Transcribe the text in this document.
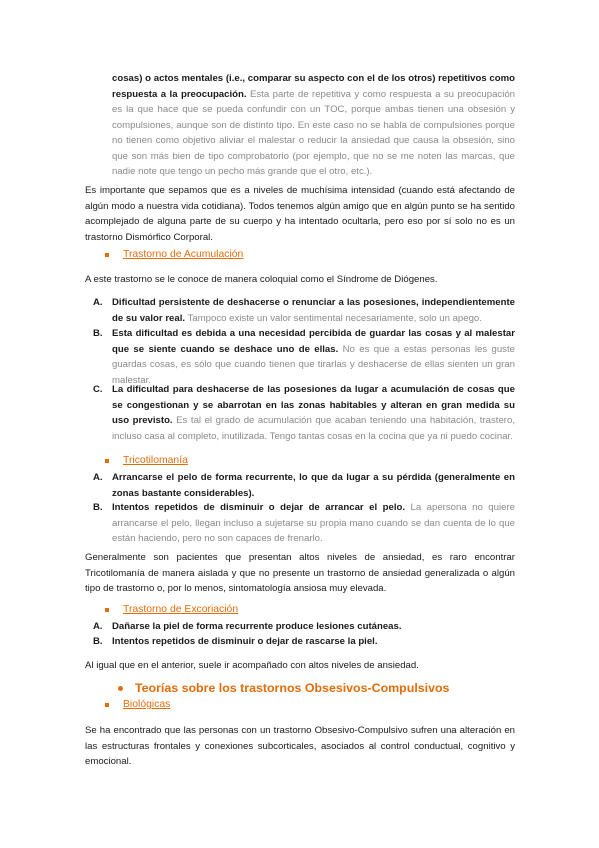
cosas) o actos mentales (i.e., comparar su aspecto con el de los otros) repetitivos como respuesta a la preocupación. Esta parte de repetitiva y como respuesta a su preocupación es la que hace que se pueda confundir con un TOC, porque ambas tienen una obsesión y compulsiones, aunque son de distinto tipo. En este caso no se habla de compulsiones porque no tienen como objetivo aliviar el malestar o reducir la ansiedad que causa la obsesión, sino que son más bien de tipo comprobatorio (por ejemplo, que no se me noten las marcas, que nadie note que tengo un pecho más grande que el otro, etc.).

Es importante que sepamos que es a niveles de muchísima intensidad (cuando está afectando de algún modo a nuestra vida cotidiana). Todos tenemos algún amigo que en algún punto se ha sentido acomplejado de alguna parte de su cuerpo y ha intentado ocultarla, pero eso por sí solo no es un trastorno Dismórfico Corporal.

Trastorno de Acumulación

A este trastorno se le conoce de manera coloquial como el Síndrome de Diógenes.

A. Dificultad persistente de deshacerse o renunciar a las posesiones, independientemente de su valor real. Tampoco existe un valor sentimental necesariamente, solo un apego.
B. Esta dificultad es debida a una necesidad percibida de guardar las cosas y al malestar que se siente cuando se deshace uno de ellas. No es que a estas personas les guste guardas cosas, es sólo que cuando tienen que tirarlas y deshacerse de ellas sienten un gran malestar.
C. La dificultad para deshacerse de las posesiones da lugar a acumulación de cosas que se congestionan y se abarrotan en las zonas habitables y alteran en gran medida su uso previsto. Es tal el grado de acumulación que acaban teniendo una habitación, trastero, incluso casa al completo, inutilizada. Tengo tantas cosas en la cocina que ya ni puedo cocinar.
Tricotilomanía
A. Arrancarse el pelo de forma recurrente, lo que da lugar a su pérdida (generalmente en zonas bastante considerables).
B. Intentos repetidos de disminuir o dejar de arrancar el pelo. La apersona no quiere arrancarse el pelo, llegan incluso a sujetarse su propia mano cuando se dan cuenta de lo que están haciendo, pero no son capaces de frenarlo.

Generalmente son pacientes que presentan altos niveles de ansiedad, es raro encontrar Tricotilomanía de manera aislada y que no presente un trastorno de ansiedad generalizada o algún tipo de trastorno o, por lo menos, sintomatología ansiosa muy elevada.

Trastorno de Excoriación
A. Dañarse la piel de forma recurrente produce lesiones cutáneas.
B. Intentos repetidos de disminuir o dejar de rascarse la piel.

Al igual que en el anterior, suele ir acompañado con altos niveles de ansiedad.

Teorías sobre los trastornos Obsesivos-Compulsivos
Biológicas

Se ha encontrado que las personas con un trastorno Obsesivo-Compulsivo sufren una alteración en las estructuras frontales y conexiones subcorticales, asociados al control conductual, cognitivo y emocional.
